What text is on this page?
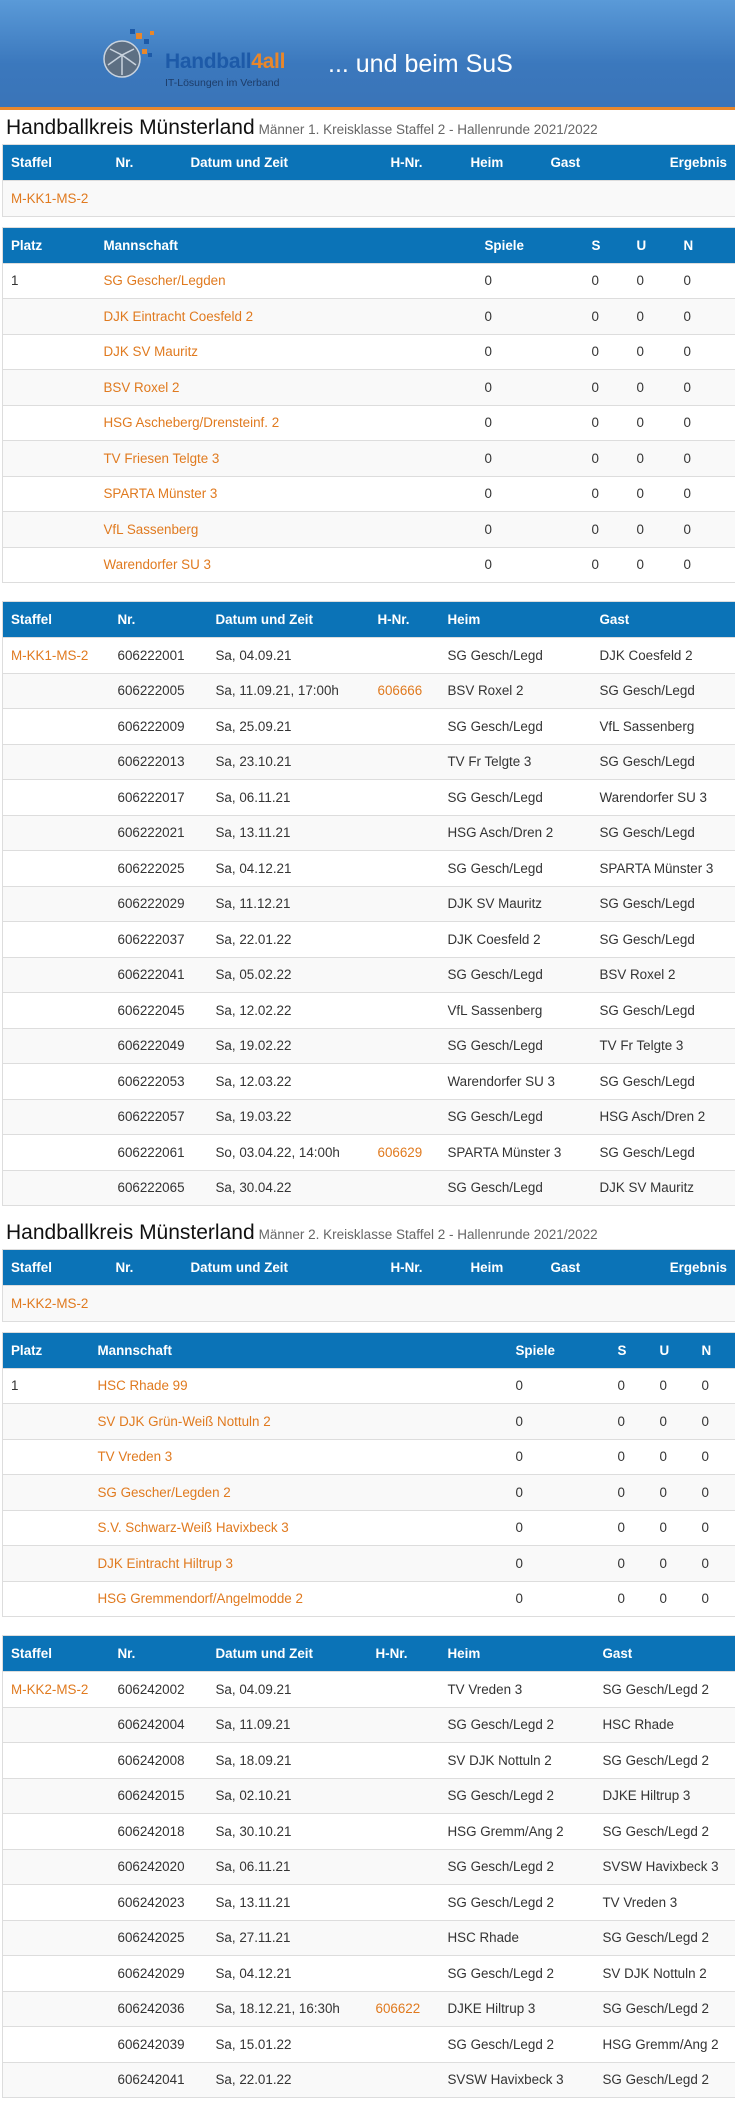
Handball4all
IT-Lösungen im Verband
... und beim SuS
Handballkreis Münsterland Männer 1. Kreisklasse Staffel 2 - Hallenrunde 2021/2022
Staffel	Nr.	Datum und Zeit	H-Nr.	Heim	Gast	Ergebnis
M-KK1-MS-2
Platz	Mannschaft	Spiele	S	U	N
1	SG Gescher/Legden	0	0	0	0
	DJK Eintracht Coesfeld 2	0	0	0	0
	DJK SV Mauritz	0	0	0	0
	BSV Roxel 2	0	0	0	0
	HSG Ascheberg/Drensteinf. 2	0	0	0	0
	TV Friesen Telgte 3	0	0	0	0
	SPARTA Münster 3	0	0	0	0
	VfL Sassenberg	0	0	0	0
	Warendorfer SU 3	0	0	0	0
Staffel	Nr.	Datum und Zeit	H-Nr.	Heim	Gast
M-KK1-MS-2	606222001	Sa, 04.09.21		SG Gesch/Legd	DJK Coesfeld 2
	606222005	Sa, 11.09.21, 17:00h	606666	BSV Roxel 2	SG Gesch/Legd
	606222009	Sa, 25.09.21		SG Gesch/Legd	VfL Sassenberg
	606222013	Sa, 23.10.21		TV Fr Telgte 3	SG Gesch/Legd
	606222017	Sa, 06.11.21		SG Gesch/Legd	Warendorfer SU 3
	606222021	Sa, 13.11.21		HSG Asch/Dren 2	SG Gesch/Legd
	606222025	Sa, 04.12.21		SG Gesch/Legd	SPARTA Münster 3
	606222029	Sa, 11.12.21		DJK SV Mauritz	SG Gesch/Legd
	606222037	Sa, 22.01.22		DJK Coesfeld 2	SG Gesch/Legd
	606222041	Sa, 05.02.22		SG Gesch/Legd	BSV Roxel 2
	606222045	Sa, 12.02.22		VfL Sassenberg	SG Gesch/Legd
	606222049	Sa, 19.02.22		SG Gesch/Legd	TV Fr Telgte 3
	606222053	Sa, 12.03.22		Warendorfer SU 3	SG Gesch/Legd
	606222057	Sa, 19.03.22		SG Gesch/Legd	HSG Asch/Dren 2
	606222061	So, 03.04.22, 14:00h	606629	SPARTA Münster 3	SG Gesch/Legd
	606222065	Sa, 30.04.22		SG Gesch/Legd	DJK SV Mauritz
Handballkreis Münsterland Männer 2. Kreisklasse Staffel 2 - Hallenrunde 2021/2022
Staffel	Nr.	Datum und Zeit	H-Nr.	Heim	Gast	Ergebnis
M-KK2-MS-2
Platz	Mannschaft	Spiele	S	U	N
1	HSC Rhade 99	0	0	0	0
	SV DJK Grün-Weiß Nottuln 2	0	0	0	0
	TV Vreden 3	0	0	0	0
	SG Gescher/Legden 2	0	0	0	0
	S.V. Schwarz-Weiß Havixbeck 3	0	0	0	0
	DJK Eintracht Hiltrup 3	0	0	0	0
	HSG Gremmendorf/Angelmodde 2	0	0	0	0
Staffel	Nr.	Datum und Zeit	H-Nr.	Heim	Gast
M-KK2-MS-2	606242002	Sa, 04.09.21		TV Vreden 3	SG Gesch/Legd 2
	606242004	Sa, 11.09.21		SG Gesch/Legd 2	HSC Rhade
	606242008	Sa, 18.09.21		SV DJK Nottuln 2	SG Gesch/Legd 2
	606242015	Sa, 02.10.21		SG Gesch/Legd 2	DJKE Hiltrup 3
	606242018	Sa, 30.10.21		HSG Gremm/Ang 2	SG Gesch/Legd 2
	606242020	Sa, 06.11.21		SG Gesch/Legd 2	SVSW Havixbeck 3
	606242023	Sa, 13.11.21		SG Gesch/Legd 2	TV Vreden 3
	606242025	Sa, 27.11.21		HSC Rhade	SG Gesch/Legd 2
	606242029	Sa, 04.12.21		SG Gesch/Legd 2	SV DJK Nottuln 2
	606242036	Sa, 18.12.21, 16:30h	606622	DJKE Hiltrup 3	SG Gesch/Legd 2
	606242039	Sa, 15.01.22		SG Gesch/Legd 2	HSG Gremm/Ang 2
	606242041	Sa, 22.01.22		SVSW Havixbeck 3	SG Gesch/Legd 2
